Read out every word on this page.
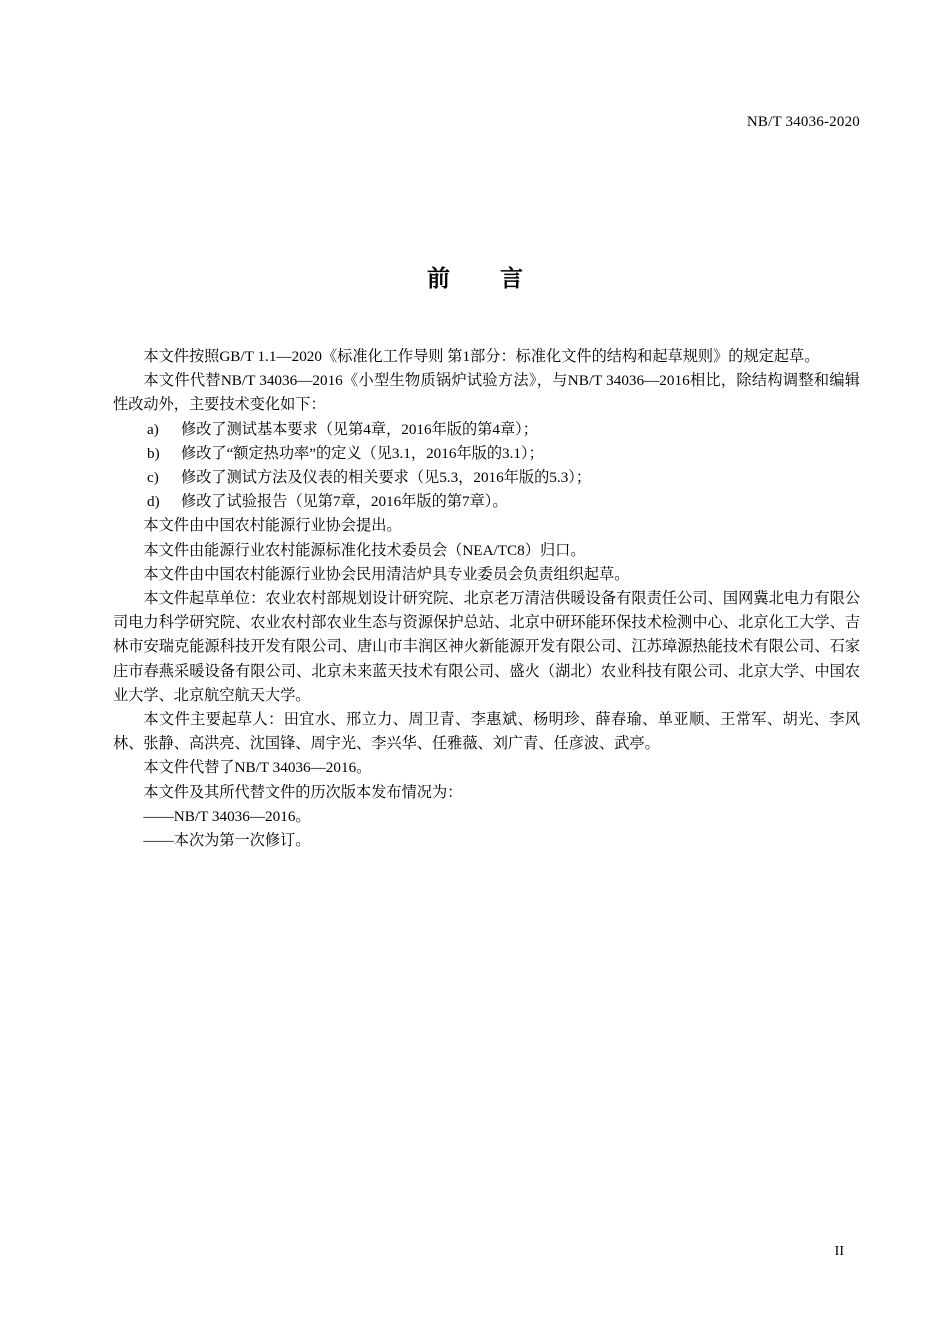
NB/T 34036-2020
前言

本文件按照GB/T 1.1—2020《标准化工作导则 第1部分：标准化文件的结构和起草规则》的规定起草。

本文件代替NB/T 34036—2016《小型生物质锅炉试验方法》，与NB/T 34036—2016相比，除结构调整和编辑性改动外，主要技术变化如下：

a)	修改了测试基本要求（见第4章，2016年版的第4章）；
b)	修改了“额定热功率”的定义（见3.1，2016年版的3.1）；
c)	修改了测试方法及仪表的相关要求（见5.3，2016年版的5.3）；
d)	修改了试验报告（见第7章，2016年版的第7章）。

本文件由中国农村能源行业协会提出。

本文件由能源行业农村能源标准化技术委员会（NEA/TC8）归口。

本文件由中国农村能源行业协会民用清洁炉具专业委员会负责组织起草。

本文件起草单位：农业农村部规划设计研究院、北京老万清洁供暖设备有限责任公司、国网冀北电力有限公司电力科学研究院、农业农村部农业生态与资源保护总站、北京中研环能环保技术检测中心、北京化工大学、吉林市安瑞克能源科技开发有限公司、唐山市丰润区神火新能源开发有限公司、江苏璋源热能技术有限公司、石家庄市春燕采暖设备有限公司、北京未来蓝天技术有限公司、盛火（湖北）农业科技有限公司、北京大学、中国农业大学、北京航空航天大学。

本文件主要起草人：田宜水、邢立力、周卫青、李惠斌、杨明珍、薛春瑜、单亚顺、王常军、胡光、李风林、张静、高洪亮、沈国锋、周宇光、李兴华、任雅薇、刘广青、任彦波、武亭。

本文件代替了NB/T 34036—2016。

本文件及其所代替文件的历次版本发布情况为：

——NB/T 34036—2016。

——本次为第一次修订。

II
